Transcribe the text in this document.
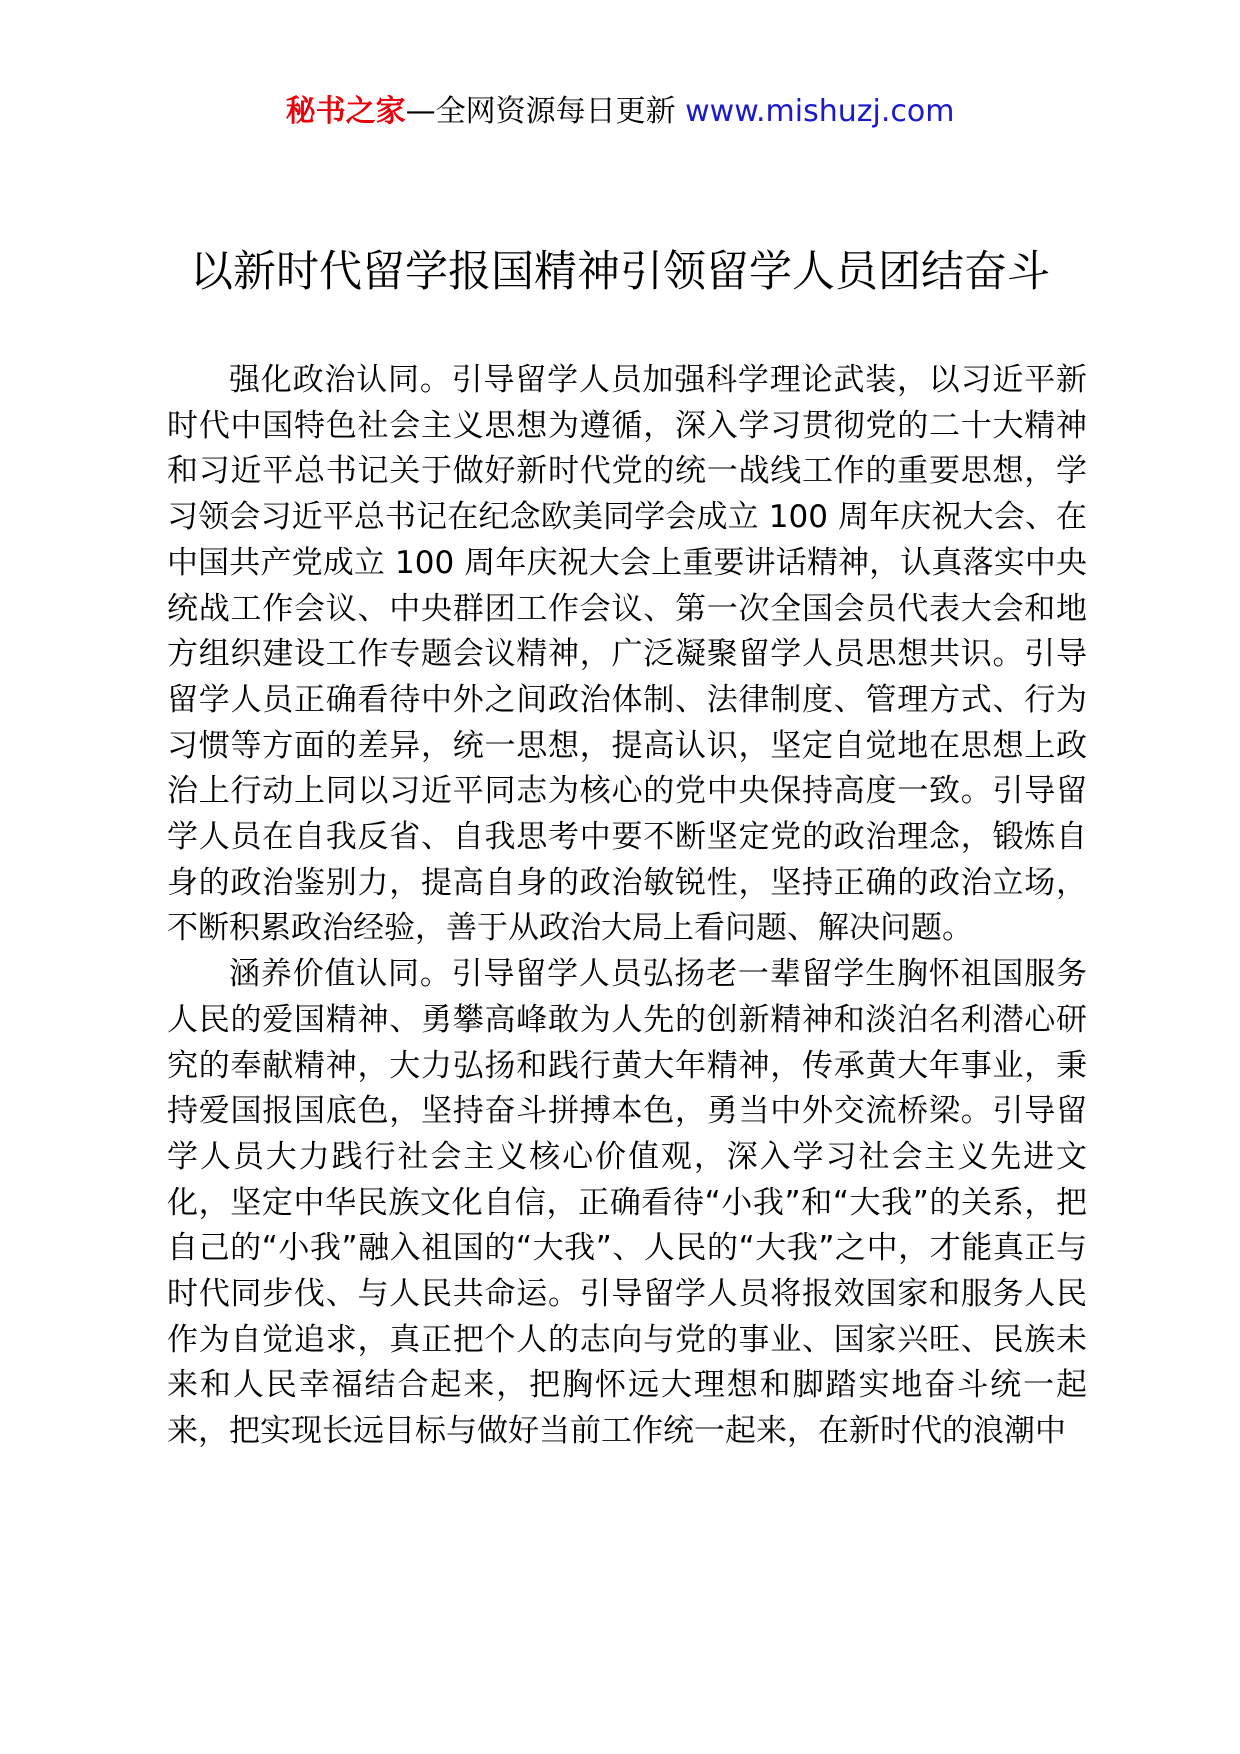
秘书之家—全网资源每日更新 www.mishuzj.com
以新时代留学报国精神引领留学人员团结奋斗

强化政治认同。引导留学人员加强科学理论武装，以习近平新时代中国特色社会主义思想为遵循，深入学习贯彻党的二十大精神和习近平总书记关于做好新时代党的统一战线工作的重要思想，学习领会习近平总书记在纪念欧美同学会成立 100 周年庆祝大会、在中国共产党成立 100 周年庆祝大会上重要讲话精神，认真落实中央统战工作会议、中央群团工作会议、第一次全国会员代表大会和地方组织建设工作专题会议精神，广泛凝聚留学人员思想共识。引导留学人员正确看待中外之间政治体制、法律制度、管理方式、行为习惯等方面的差异，统一思想，提高认识，坚定自觉地在思想上政治上行动上同以习近平同志为核心的党中央保持高度一致。引导留学人员在自我反省、自我思考中要不断坚定党的政治理念，锻炼自身的政治鉴别力，提高自身的政治敏锐性，坚持正确的政治立场，不断积累政治经验，善于从政治大局上看问题、解决问题。

涵养价值认同。引导留学人员弘扬老一辈留学生胸怀祖国服务人民的爱国精神、勇攀高峰敢为人先的创新精神和淡泊名利潜心研究的奉献精神，大力弘扬和践行黄大年精神，传承黄大年事业，秉持爱国报国底色，坚持奋斗拼搏本色，勇当中外交流桥梁。引导留学人员大力践行社会主义核心价值观，深入学习社会主义先进文化，坚定中华民族文化自信，正确看待“小我”和“大我”的关系，把自己的“小我”融入祖国的“大我”、人民的“大我”之中，才能真正与时代同步伐、与人民共命运。引导留学人员将报效国家和服务人民作为自觉追求，真正把个人的志向与党的事业、国家兴旺、民族未来和人民幸福结合起来，把胸怀远大理想和脚踏实地奋斗统一起来，把实现长远目标与做好当前工作统一起来，在新时代的浪潮中
